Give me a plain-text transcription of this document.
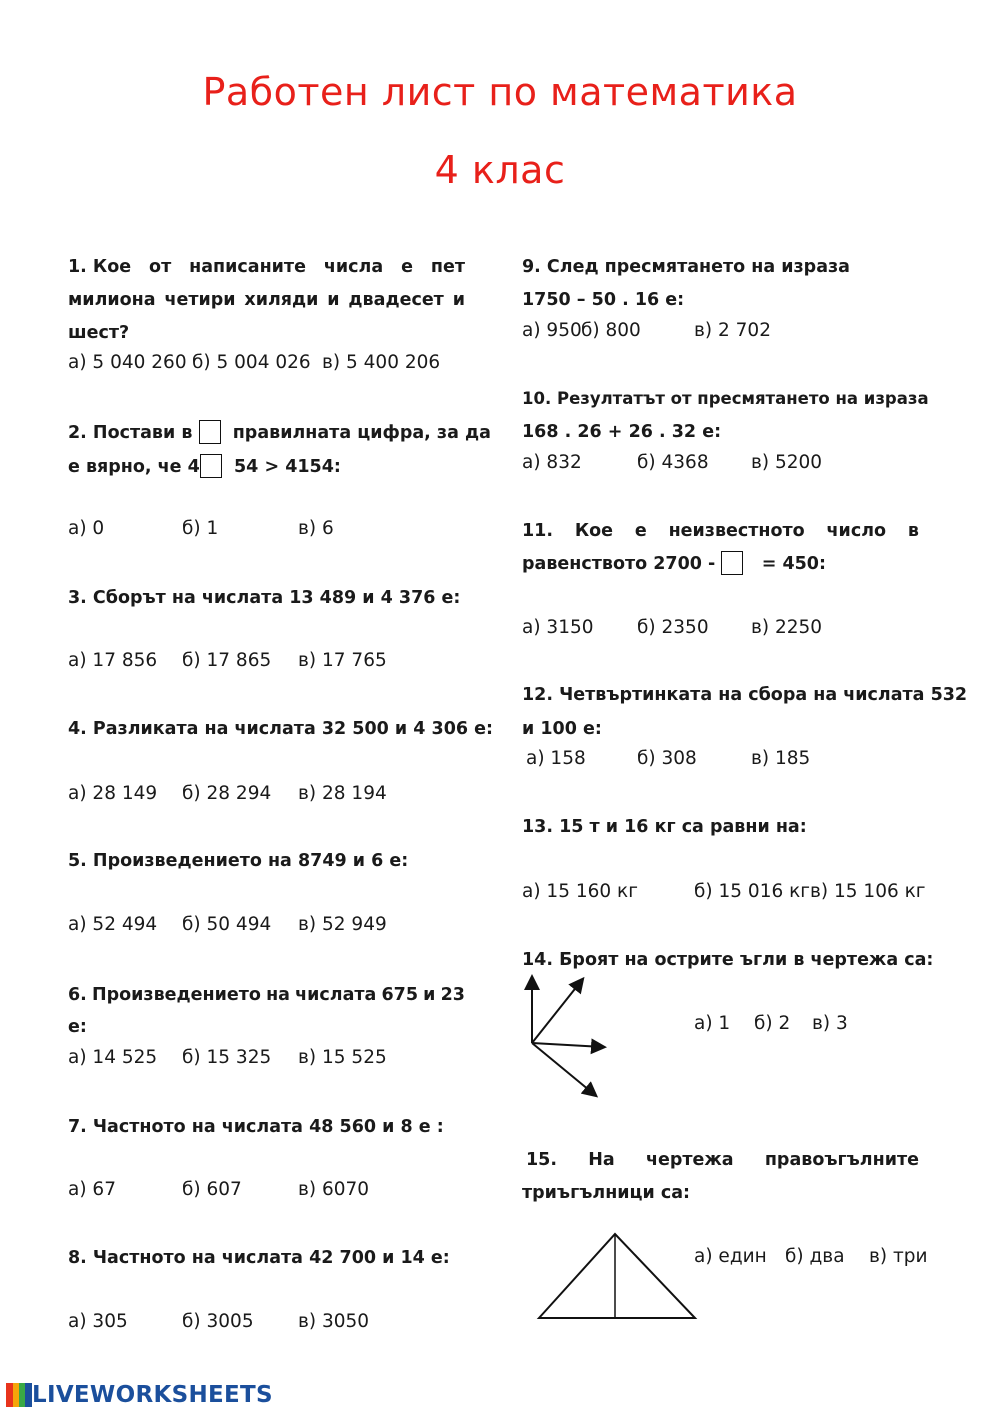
Работен лист по математика
4 клас
1. Кое от написаните числа е пет
милиона четири хиляди и двадесет и
шест?
а) 5 040 260 б) 5 004 026 в) 5 400 206
2. Постави в правилната цифра, за да
е вярно, че 4 54 > 4154:
а) 0	б) 1	в) 6
3. Сборът на числата 13 489 и 4 376 е:
а) 17 856 б) 17 865 в) 17 765
4. Разликата на числата 32 500 и 4 306 е:
а) 28 149 б) 28 294 в) 28 194
5. Произведението на 8749 и 6 е:
а) 52 494 б) 50 494 в) 52 949
6. Произведението на числата 675 и 23
е:
а) 14 525 б) 15 325 в) 15 525
7. Частното на числата 48 560 и 8 е :
а) 67	б) 607	в) 6070
8. Частното на числата 42 700 и 14 е:
а) 305	б) 3005 в) 3050
9. След пресмятането на израза
1750 – 50 . 16 е:
а) 950 б) 800	в) 2 702
10. Резултатът от пресмятането на израза
168 . 26 + 26 . 32 е:
а) 832	б) 4368 в) 5200
11. Кое е неизвестното число в
равенството 2700 -	= 450:
а) 3150 б) 2350 в) 2250
12. Четвъртинката на сбора на числата 532
и 100 е:
а) 158	б) 308	в) 185
13. 15 т и 16 кг са равни на:
а) 15 160 кг	б) 15 016 кг в) 15 106 кг
14. Броят на острите ъгли в чертежа са:
а) 1 б) 2 в) 3
15. На чертежа правоъгълните
триъгълници са:
а) един б) два в) три
LIVEWORKSHEETS
